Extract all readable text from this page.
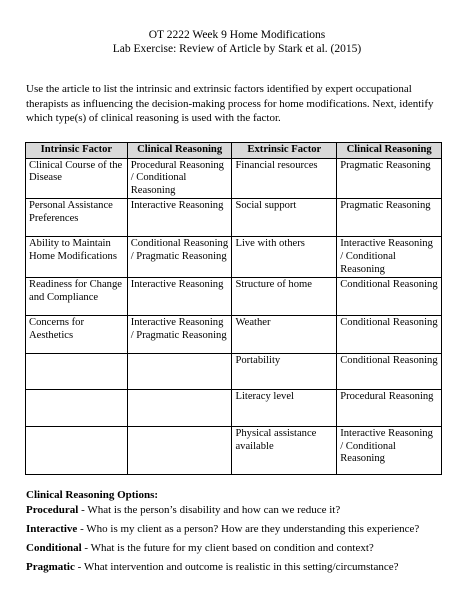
OT 2222 Week 9 Home Modifications
Lab Exercise: Review of Article by Stark et al. (2015)
Use the article to list the intrinsic and extrinsic factors identified by expert occupational therapists as influencing the decision-making process for home modifications. Next, identify which type(s) of clinical reasoning is used with the factor.
Intrinsic Factor	Clinical Reasoning	Extrinsic Factor	Clinical Reasoning
Clinical Course of the Disease	Procedural Reasoning / Conditional Reasoning	Financial resources	Pragmatic Reasoning
Personal Assistance Preferences	Interactive Reasoning	Social support	Pragmatic Reasoning
Ability to Maintain Home Modifications	Conditional Reasoning / Pragmatic Reasoning	Live with others	Interactive Reasoning / Conditional Reasoning
Readiness for Change and Compliance	Interactive Reasoning	Structure of home	Conditional Reasoning
Concerns for Aesthetics	Interactive Reasoning / Pragmatic Reasoning	Weather	Conditional Reasoning
		Portability	Conditional Reasoning
		Literacy level	Procedural Reasoning
		Physical assistance available	Interactive Reasoning / Conditional Reasoning
Clinical Reasoning Options:
Procedural - What is the person’s disability and how can we reduce it?
Interactive - Who is my client as a person? How are they understanding this experience?
Conditional - What is the future for my client based on condition and context?
Pragmatic - What intervention and outcome is realistic in this setting/circumstance?
